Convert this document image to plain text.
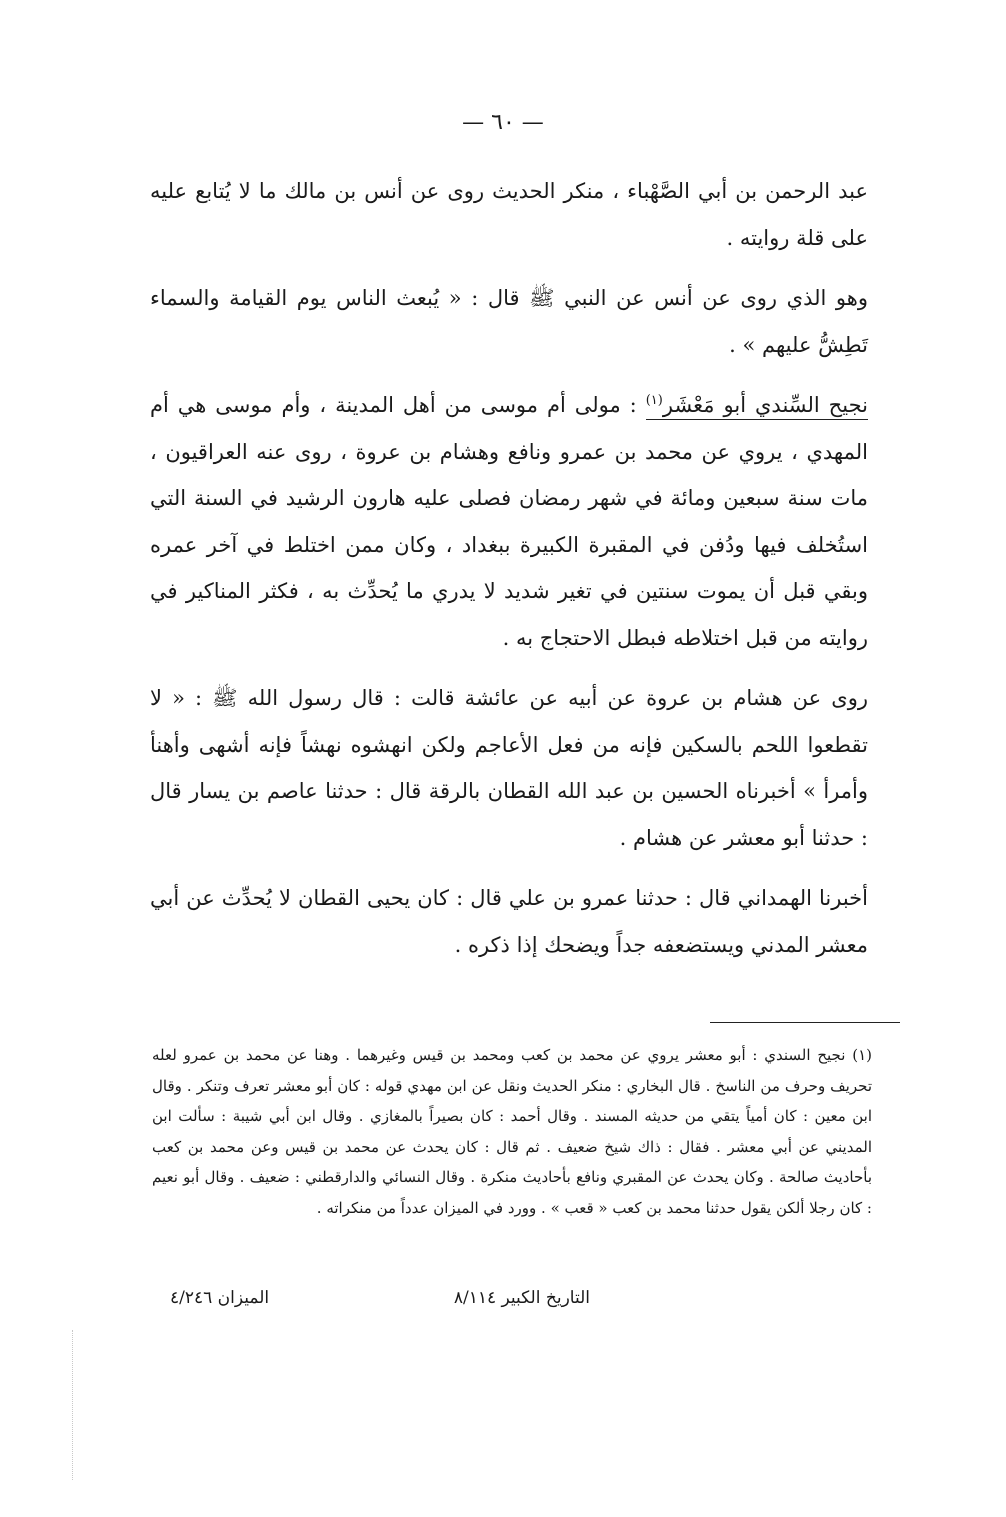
— ٦٠ —

عبد الرحمن بن أبي الصَّهْباء ، منكر الحديث روى عن أنس بن مالك ما لا يُتابع عليه على قلة روايته .

وهو الذي روى عن أنس عن النبي ﷺ قال : « يُبعث الناس يوم القيامة والسماء تَطِشُّ عليهم » .

نجيح السِّندي أبو مَعْشَر$^{(١)}$ : مولى أم موسى من أهل المدينة ، وأم موسى هي أم المهدي ، يروي عن محمد بن عمرو ونافع وهشام بن عروة ، روى عنه العراقيون ، مات سنة سبعين ومائة في شهر رمضان فصلى عليه هارون الرشيد في السنة التي استُخلف فيها ودُفن في المقبرة الكبيرة ببغداد ، وكان ممن اختلط في آخر عمره وبقي قبل أن يموت سنتين في تغير شديد لا يدري ما يُحدِّث به ، فكثر المناكير في روايته من قبل اختلاطه فبطل الاحتجاج به .

روى عن هشام بن عروة عن أبيه عن عائشة قالت : قال رسول الله ﷺ : « لا تقطعوا اللحم بالسكين فإنه من فعل الأعاجم ولكن انهشوه نهشاً فإنه أشهى وأهنأ وأمرأ » أخبرناه الحسين بن عبد الله القطان بالرقة قال : حدثنا عاصم بن يسار قال : حدثنا أبو معشر عن هشام .

أخبرنا الهمداني قال : حدثنا عمرو بن علي قال : كان يحيى القطان لا يُحدِّث عن أبي معشر المدني ويستضعفه جداً ويضحك إذا ذكره .

(١) نجيح السندي : أبو معشر يروي عن محمد بن كعب ومحمد بن قيس وغيرهما . وهنا عن محمد بن عمرو لعله تحريف وحرف من الناسخ . قال البخاري : منكر الحديث ونقل عن ابن مهدي قوله : كان أبو معشر تعرف وتنكر . وقال ابن معين : كان أمياً يتقي من حديثه المسند . وقال أحمد : كان بصيراً بالمغازي . وقال ابن أبي شيبة : سألت ابن المديني عن أبي معشر . فقال : ذاك شيخ ضعيف . ثم قال : كان يحدث عن محمد بن قيس وعن محمد بن كعب بأحاديث صالحة . وكان يحدث عن المقبري ونافع بأحاديث منكرة . وقال النسائي والدارقطني : ضعيف . وقال أبو نعيم : كان رجلا ألكن يقول حدثنا محمد بن كعب « قعب » . وورد في الميزان عدداً من منكراته .
التاريخ الكبير ٨/١١٤
الميزان ٤/٢٤٦
